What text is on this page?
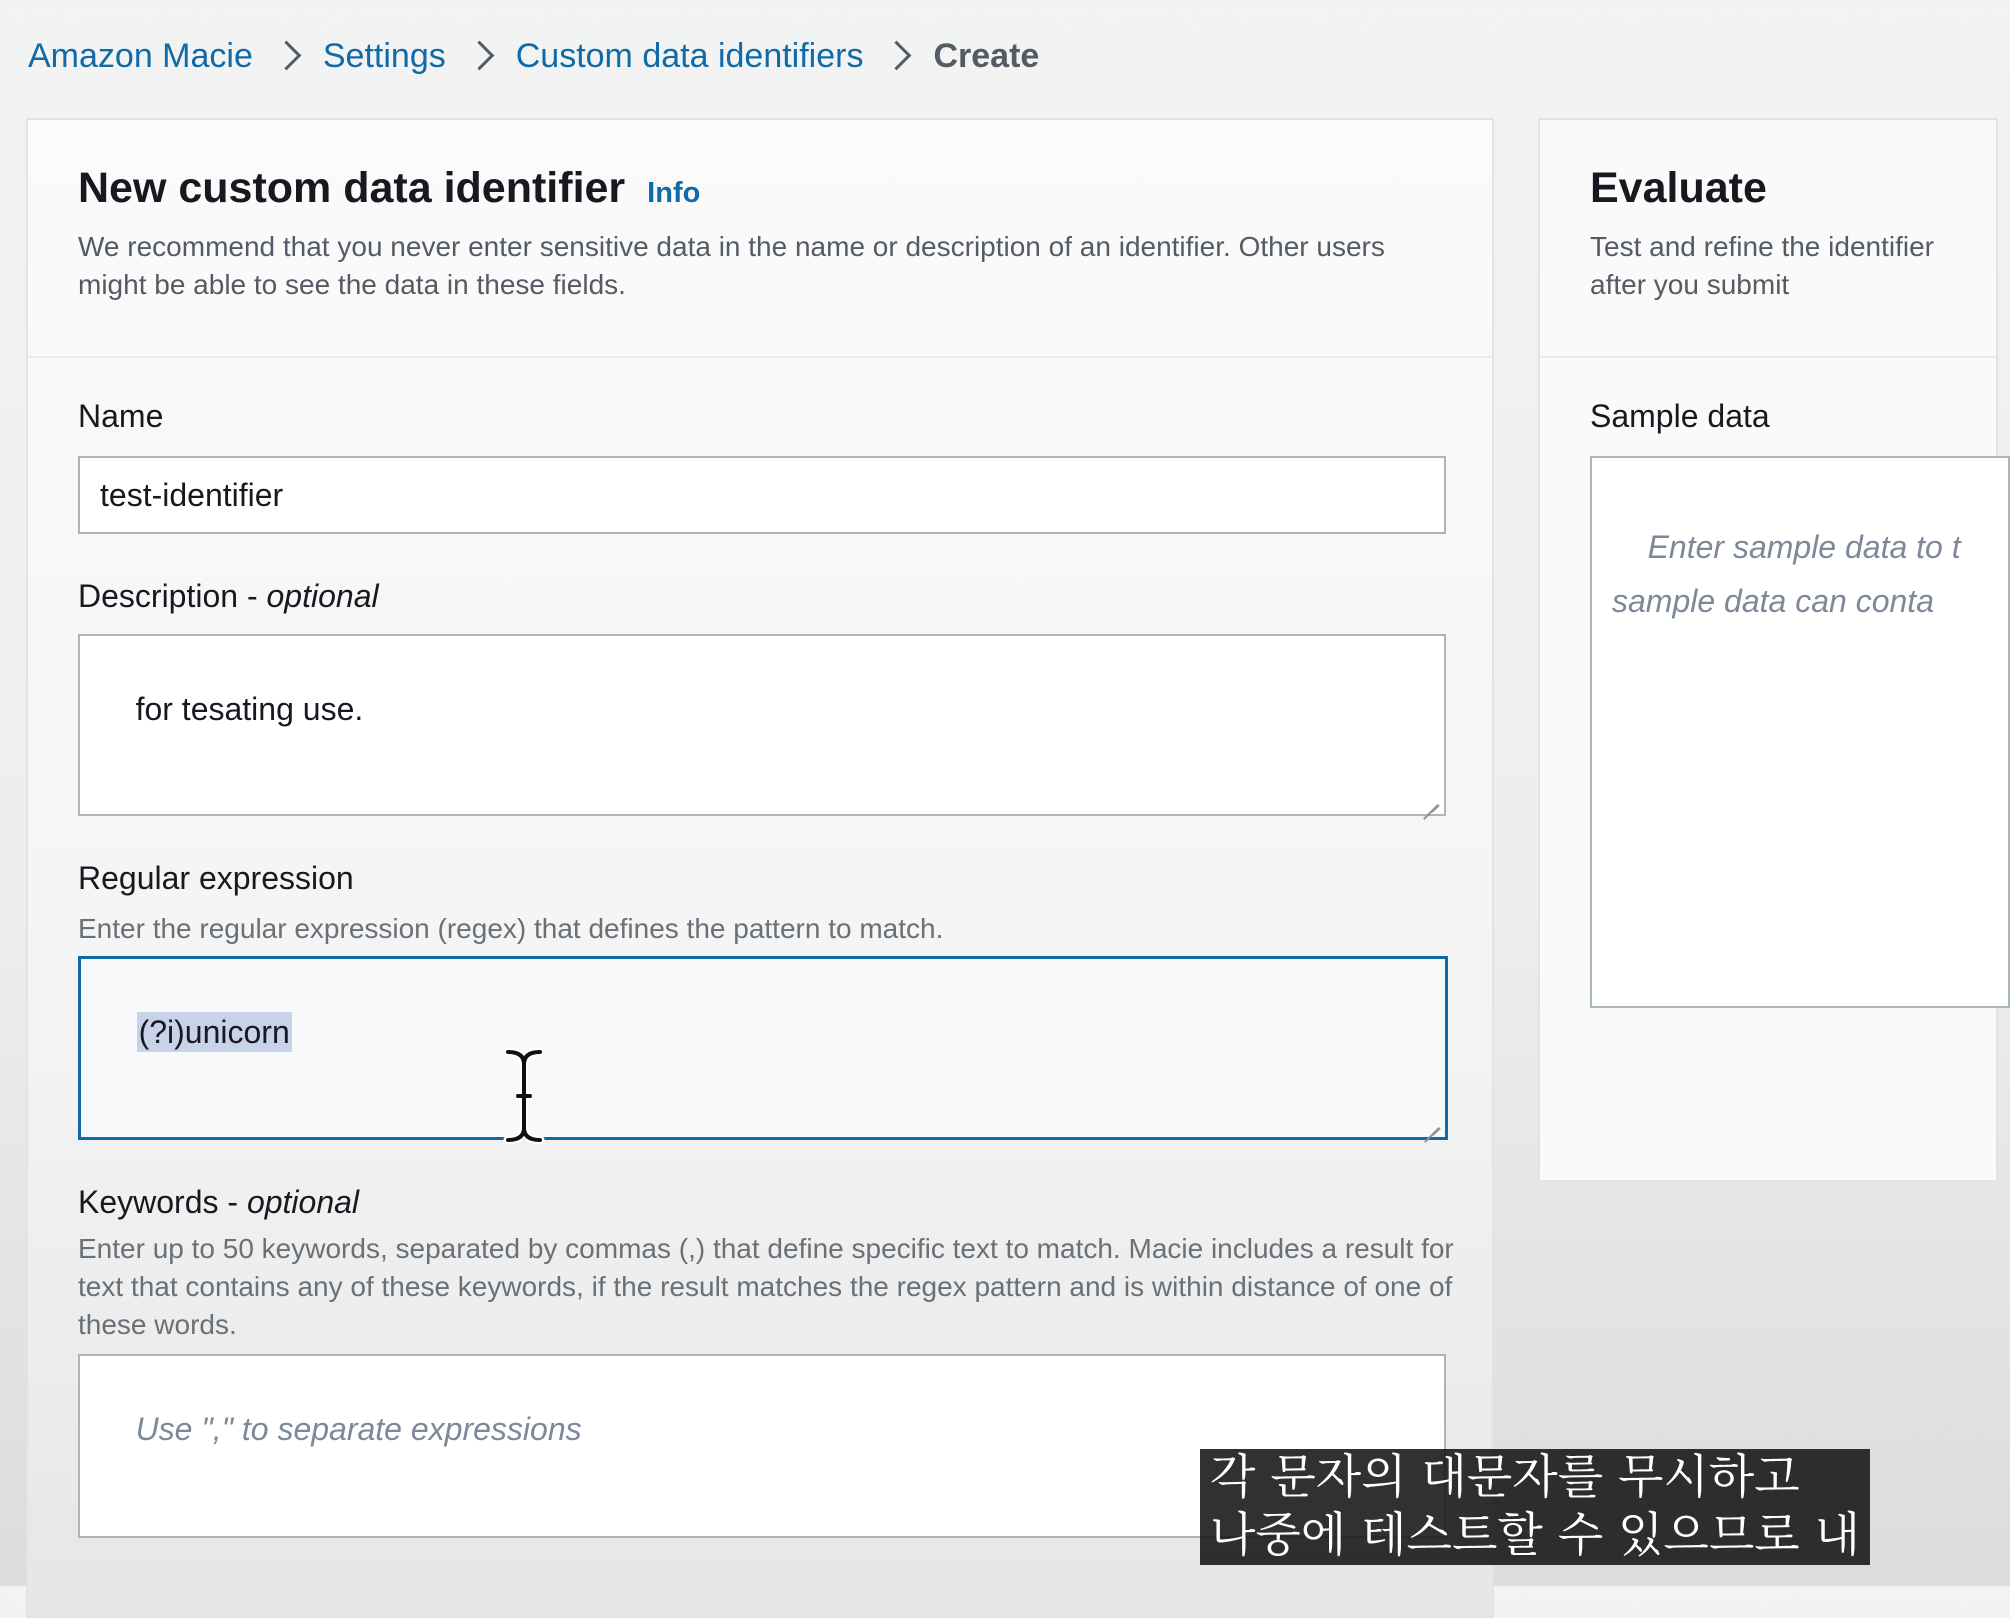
Amazon Macie Settings Custom data identifiers Create
New custom data identifier Info
We recommend that you never enter sensitive data in the name or description of an identifier. Other users might be able to see the data in these fields.
Name
test-identifier
Description - optional

for tesating use.

Regular expression
Enter the regular expression (regex) that defines the pattern to match.

(?i)unicorn

Keywords - optional
Enter up to 50 keywords, separated by commas (,) that define specific text to match. Macie includes a result for text that contains any of these keywords, if the result matches the regex pattern and is within distance of one of these words.

Use "," to separate expressions

Evaluate
Test and refine the identifier after you submit
Sample data

Enter sample data to t sample data can conta

각 문자의 대문자를 무시하고
나중에 테스트할 수 있으므로 내
